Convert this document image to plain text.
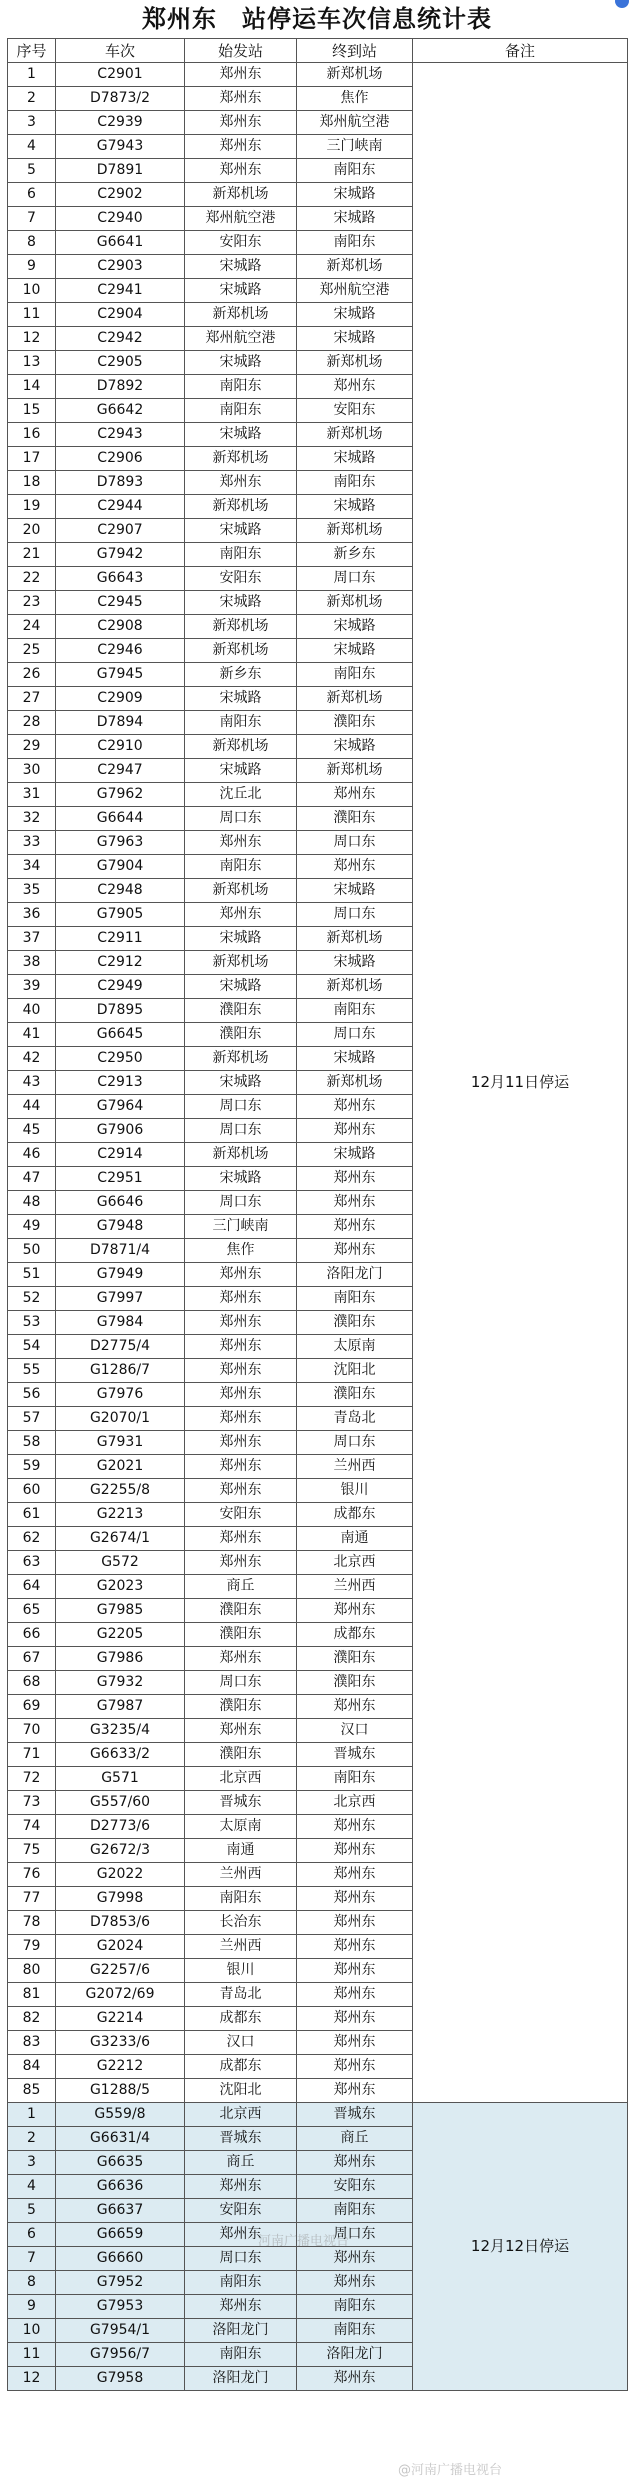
郑州东　站停运车次信息统计表
序号	车次	始发站	终到站	备注
1	C2901	郑州东	新郑机场	12月11日停运
2	D7873/2	郑州东	焦作	
3	C2939	郑州东	郑州航空港	
4	G7943	郑州东	三门峡南	
5	D7891	郑州东	南阳东	
6	C2902	新郑机场	宋城路	
7	C2940	郑州航空港	宋城路	
8	G6641	安阳东	南阳东	
9	C2903	宋城路	新郑机场	
10	C2941	宋城路	郑州航空港	
11	C2904	新郑机场	宋城路	
12	C2942	郑州航空港	宋城路	
13	C2905	宋城路	新郑机场	
14	D7892	南阳东	郑州东	
15	G6642	南阳东	安阳东	
16	C2943	宋城路	新郑机场	
17	C2906	新郑机场	宋城路	
18	D7893	郑州东	南阳东	
19	C2944	新郑机场	宋城路	
20	C2907	宋城路	新郑机场	
21	G7942	南阳东	新乡东	
22	G6643	安阳东	周口东	
23	C2945	宋城路	新郑机场	
24	C2908	新郑机场	宋城路	
25	C2946	新郑机场	宋城路	
26	G7945	新乡东	南阳东	
27	C2909	宋城路	新郑机场	
28	D7894	南阳东	濮阳东	
29	C2910	新郑机场	宋城路	
30	C2947	宋城路	新郑机场	
31	G7962	沈丘北	郑州东	
32	G6644	周口东	濮阳东	
33	G7963	郑州东	周口东	
34	G7904	南阳东	郑州东	
35	C2948	新郑机场	宋城路	
36	G7905	郑州东	周口东	
37	C2911	宋城路	新郑机场	
38	C2912	新郑机场	宋城路	
39	C2949	宋城路	新郑机场	
40	D7895	濮阳东	南阳东	
41	G6645	濮阳东	周口东	
42	C2950	新郑机场	宋城路	
43	C2913	宋城路	新郑机场	
44	G7964	周口东	郑州东	
45	G7906	周口东	郑州东	
46	C2914	新郑机场	宋城路	
47	C2951	宋城路	郑州东	
48	G6646	周口东	郑州东	
49	G7948	三门峡南	郑州东	
50	D7871/4	焦作	郑州东	
51	G7949	郑州东	洛阳龙门	
52	G7997	郑州东	南阳东	
53	G7984	郑州东	濮阳东	
54	D2775/4	郑州东	太原南	
55	G1286/7	郑州东	沈阳北	
56	G7976	郑州东	濮阳东	
57	G2070/1	郑州东	青岛北	
58	G7931	郑州东	周口东	
59	G2021	郑州东	兰州西	
60	G2255/8	郑州东	银川	
61	G2213	安阳东	成都东	
62	G2674/1	郑州东	南通	
63	G572	郑州东	北京西	
64	G2023	商丘	兰州西	
65	G7985	濮阳东	郑州东	
66	G2205	濮阳东	成都东	
67	G7986	郑州东	濮阳东	
68	G7932	周口东	濮阳东	
69	G7987	濮阳东	郑州东	
70	G3235/4	郑州东	汉口	
71	G6633/2	濮阳东	晋城东	
72	G571	北京西	南阳东	
73	G557/60	晋城东	北京西	
74	D2773/6	太原南	郑州东	
75	G2672/3	南通	郑州东	
76	G2022	兰州西	郑州东	
77	G7998	南阳东	郑州东	
78	D7853/6	长治东	郑州东	
79	G2024	兰州西	郑州东	
80	G2257/6	银川	郑州东	
81	G2072/69	青岛北	郑州东	
82	G2214	成都东	郑州东	
83	G3233/6	汉口	郑州东	
84	G2212	成都东	郑州东	
85	G1288/5	沈阳北	郑州东	
1	G559/8	北京西	晋城东	12月12日停运
2	G6631/4	晋城东	商丘	
3	G6635	商丘	郑州东	
4	G6636	郑州东	安阳东	
5	G6637	安阳东	南阳东	
6	G6659	郑州东	周口东	
7	G6660	周口东	郑州东	
8	G7952	南阳东	郑州东	
9	G7953	郑州东	南阳东	
10	G7954/1	洛阳龙门	南阳东	
11	G7956/7	南阳东	洛阳龙门	
12	G7958	洛阳龙门	郑州东	
河南广播电视台
@河南广播电视台
